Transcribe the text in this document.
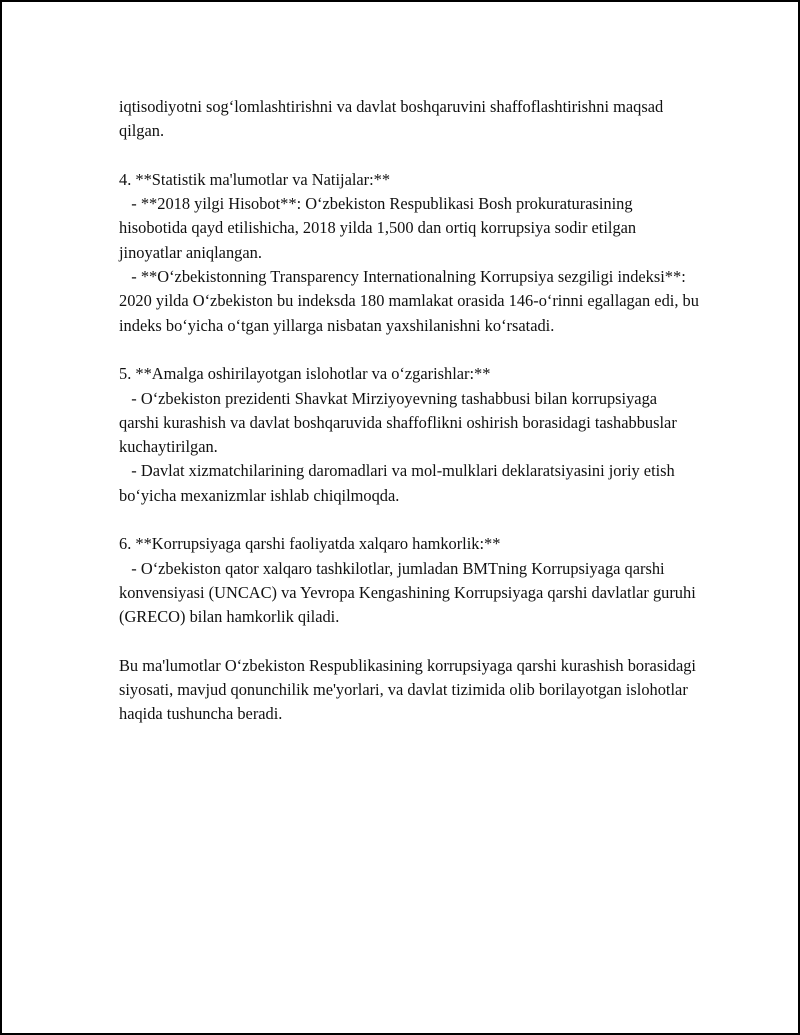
iqtisodiyotni sog‘lomlashtirishni va davlat boshqaruvini shaffoflashtirishni maqsad qilgan.

4. **Statistik ma'lumotlar va Natijalar:**

- **2018 yilgi Hisobot**: O‘zbekiston Respublikasi Bosh prokuraturasining hisobotida qayd etilishicha, 2018 yilda 1,500 dan ortiq korrupsiya sodir etilgan jinoyatlar aniqlangan.

- **O‘zbekistonning Transparency Internationalning Korrupsiya sezgiligi indeksi**: 2020 yilda O‘zbekiston bu indeksda 180 mamlakat orasida 146-o‘rinni egallagan edi, bu indeks bo‘yicha o‘tgan yillarga nisbatan yaxshilanishni ko‘rsatadi.

5. **Amalga oshirilayotgan islohotlar va o‘zgarishlar:**

- O‘zbekiston prezidenti Shavkat Mirziyoyevning tashabbusi bilan korrupsiyaga qarshi kurashish va davlat boshqaruvida shaffoflikni oshirish borasidagi tashabbuslar kuchaytirilgan.

- Davlat xizmatchilarining daromadlari va mol-mulklari deklaratsiyasini joriy etish bo‘yicha mexanizmlar ishlab chiqilmoqda.

6. **Korrupsiyaga qarshi faoliyatda xalqaro hamkorlik:**

- O‘zbekiston qator xalqaro tashkilotlar, jumladan BMTning Korrupsiyaga qarshi konvensiyasi (UNCAC) va Yevropa Kengashining Korrupsiyaga qarshi davlatlar guruhi (GRECO) bilan hamkorlik qiladi.

Bu ma'lumotlar O‘zbekiston Respublikasining korrupsiyaga qarshi kurashish borasidagi siyosati, mavjud qonunchilik me'yorlari, va davlat tizimida olib borilayotgan islohotlar haqida tushuncha beradi.
